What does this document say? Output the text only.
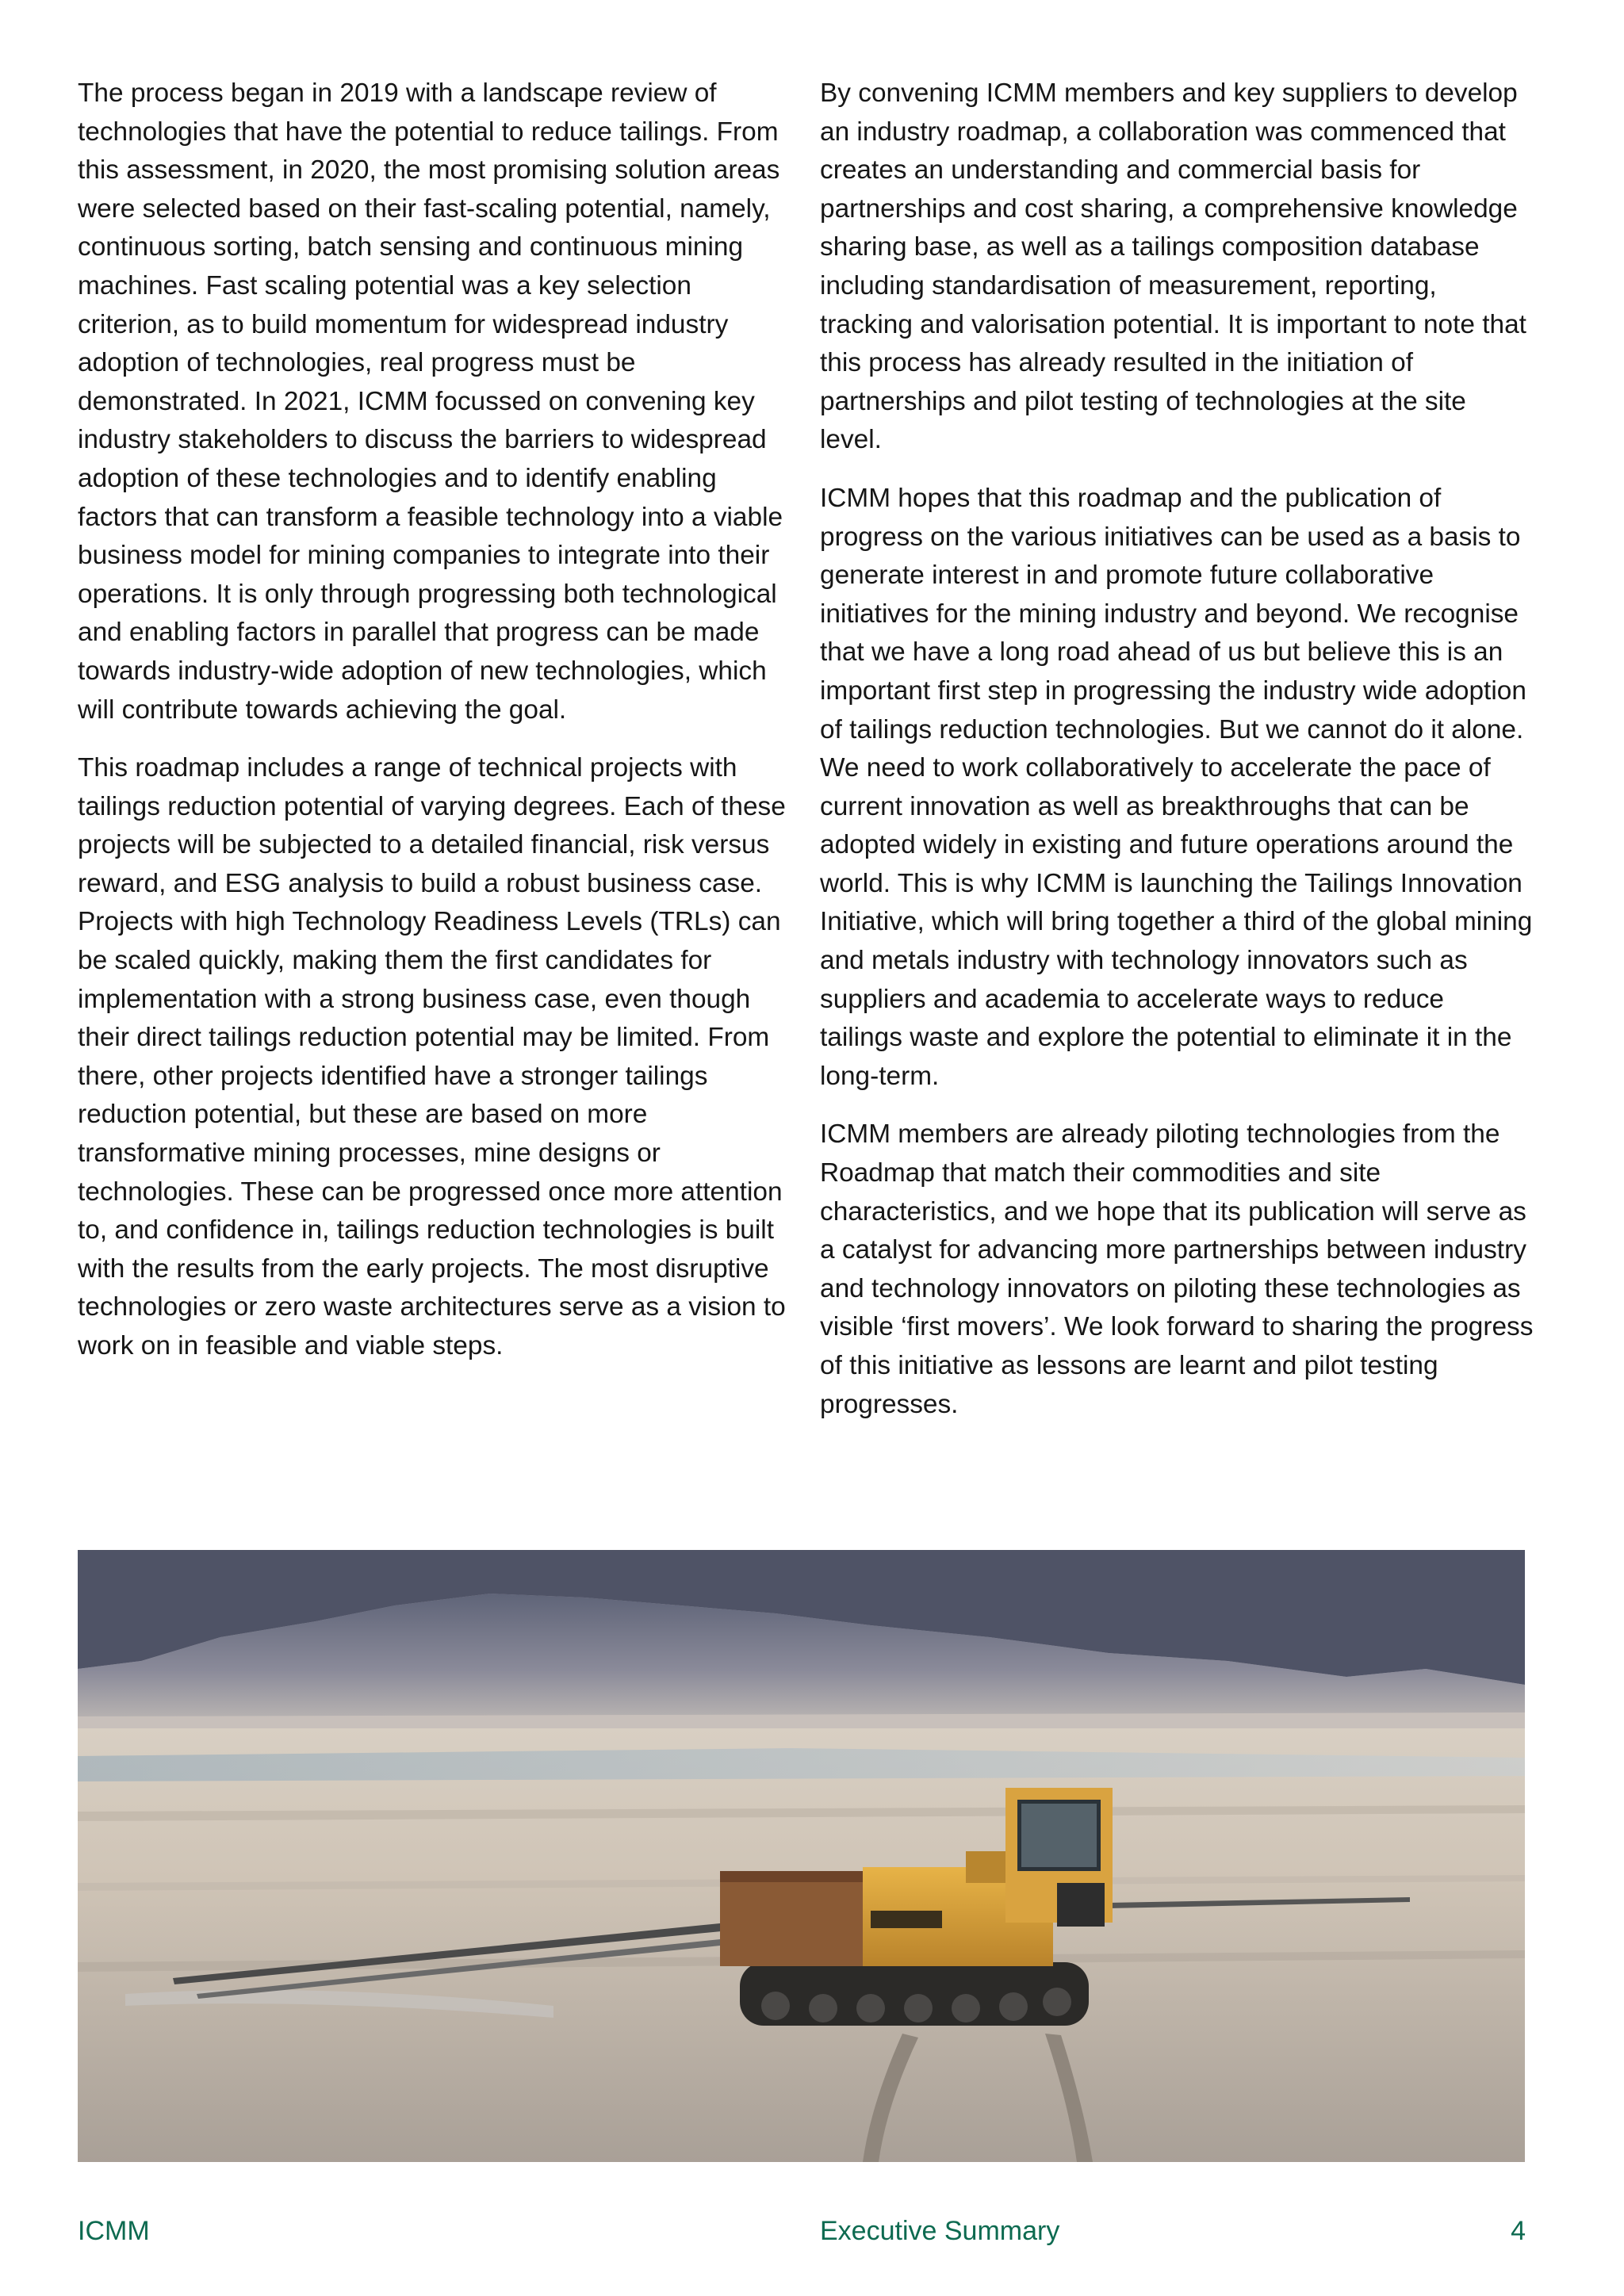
The process began in 2019 with a landscape review of technologies that have the potential to reduce tailings. From this assessment, in 2020, the most promising solution areas were selected based on their fast-scaling potential, namely, continuous sorting, batch sensing and continuous mining machines. Fast scaling potential was a key selection criterion, as to build momentum for widespread industry adoption of technologies, real progress must be demonstrated. In 2021, ICMM focussed on convening key industry stakeholders to discuss the barriers to widespread adoption of these technologies and to identify enabling factors that can transform a feasible technology into a viable business model for mining companies to integrate into their operations. It is only through progressing both technological and enabling factors in parallel that progress can be made towards industry-wide adoption of new technologies, which will contribute towards achieving the goal.

This roadmap includes a range of technical projects with tailings reduction potential of varying degrees. Each of these projects will be subjected to a detailed financial, risk versus reward, and ESG analysis to build a robust business case. Projects with high Technology Readiness Levels (TRLs) can be scaled quickly, making them the first candidates for implementation with a strong business case, even though their direct tailings reduction potential may be limited. From there, other projects identified have a stronger tailings reduction potential, but these are based on more transformative mining processes, mine designs or technologies. These can be progressed once more attention to, and confidence in, tailings reduction technologies is built with the results from the early projects. The most disruptive technologies or zero waste architectures serve as a vision to work on in feasible and viable steps.

By convening ICMM members and key suppliers to develop an industry roadmap, a collaboration was commenced that creates an understanding and commercial basis for partnerships and cost sharing, a comprehensive knowledge sharing base, as well as a tailings composition database including standardisation of measurement, reporting, tracking and valorisation potential. It is important to note that this process has already resulted in the initiation of partnerships and pilot testing of technologies at the site level.

ICMM hopes that this roadmap and the publication of progress on the various initiatives can be used as a basis to generate interest in and promote future collaborative initiatives for the mining industry and beyond. We recognise that we have a long road ahead of us but believe this is an important first step in progressing the industry wide adoption of tailings reduction technologies. But we cannot do it alone. We need to work collaboratively to accelerate the pace of current innovation as well as breakthroughs that can be adopted widely in existing and future operations around the world. This is why ICMM is launching the Tailings Innovation Initiative, which will bring together a third of the global mining and metals industry with technology innovators such as suppliers and academia to accelerate ways to reduce tailings waste and explore the potential to eliminate it in the long-term.

ICMM members are already piloting technologies from the Roadmap that match their commodities and site characteristics, and we hope that its publication will serve as a catalyst for advancing more partnerships between industry and technology innovators on piloting these technologies as visible ‘first movers’. We look forward to sharing the progress of this initiative as lessons are learnt and pilot testing progresses.

ICMM	Executive Summary	4
